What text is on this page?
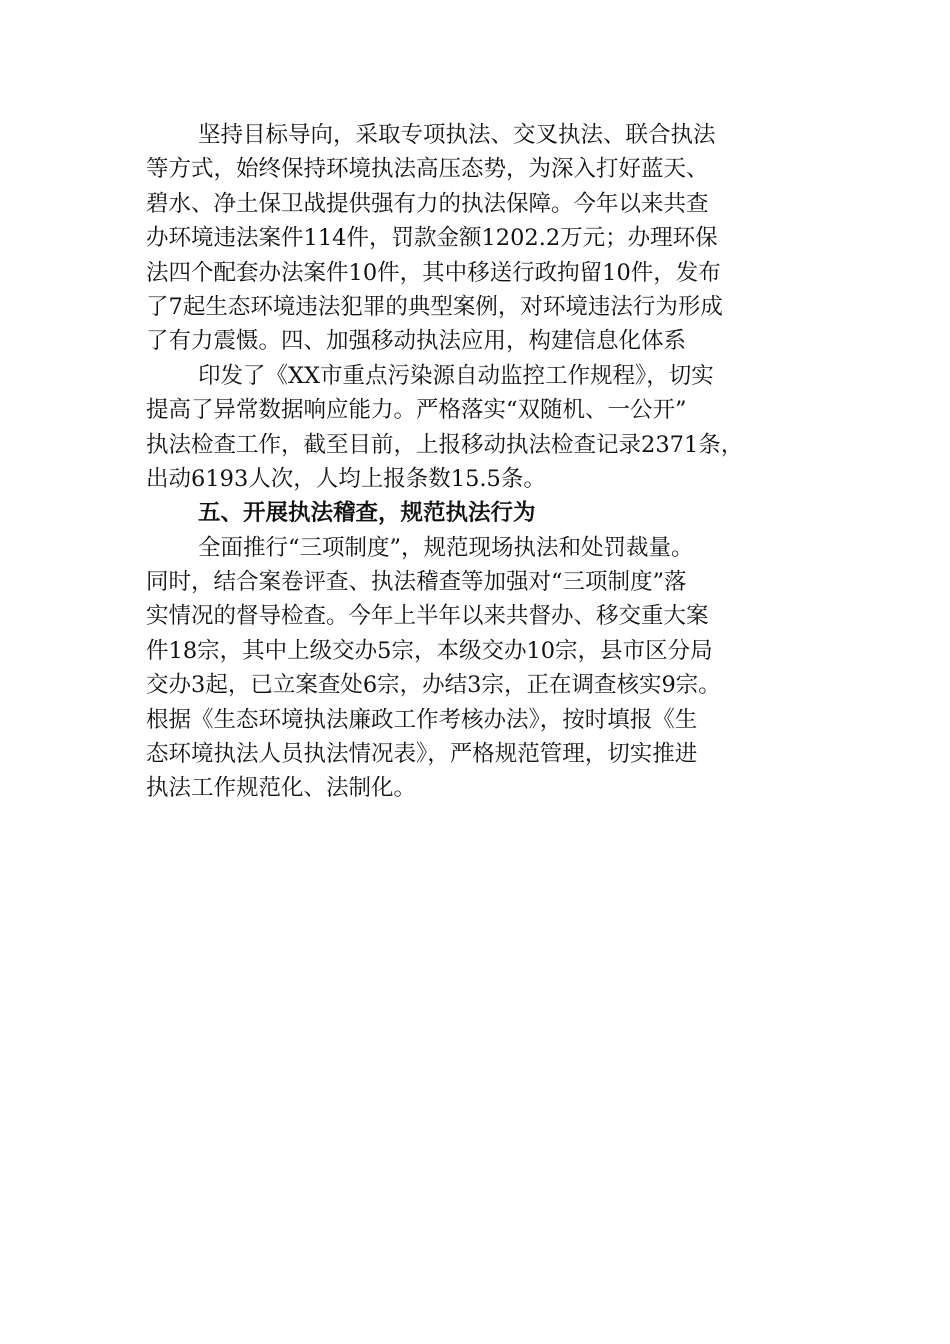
坚持目标导向，采取专项执法、交叉执法、联合执法
等方式，始终保持环境执法高压态势，为深入打好蓝天、
碧水、净土保卫战提供强有力的执法保障。今年以来共查
办环境违法案件114件，罚款金额1202.2万元；办理环保
法四个配套办法案件10件，其中移送行政拘留10件，发布
了7起生态环境违法犯罪的典型案例，对环境违法行为形成
了有力震慑。四、加强移动执法应用，构建信息化体系
印发了《XX市重点污染源自动监控工作规程》，切实
提高了异常数据响应能力。严格落实“双随机、一公开”
执法检查工作，截至目前，上报移动执法检查记录2371条，
出动6193人次，人均上报条数15.5条。
五、开展执法稽查，规范执法行为
全面推行“三项制度”，规范现场执法和处罚裁量。
同时，结合案卷评查、执法稽查等加强对“三项制度”落
实情况的督导检查。今年上半年以来共督办、移交重大案
件18宗，其中上级交办5宗，本级交办10宗，县市区分局
交办3起，已立案查处6宗，办结3宗，正在调查核实9宗。
根据《生态环境执法廉政工作考核办法》，按时填报《生
态环境执法人员执法情况表》，严格规范管理，切实推进
执法工作规范化、法制化。
